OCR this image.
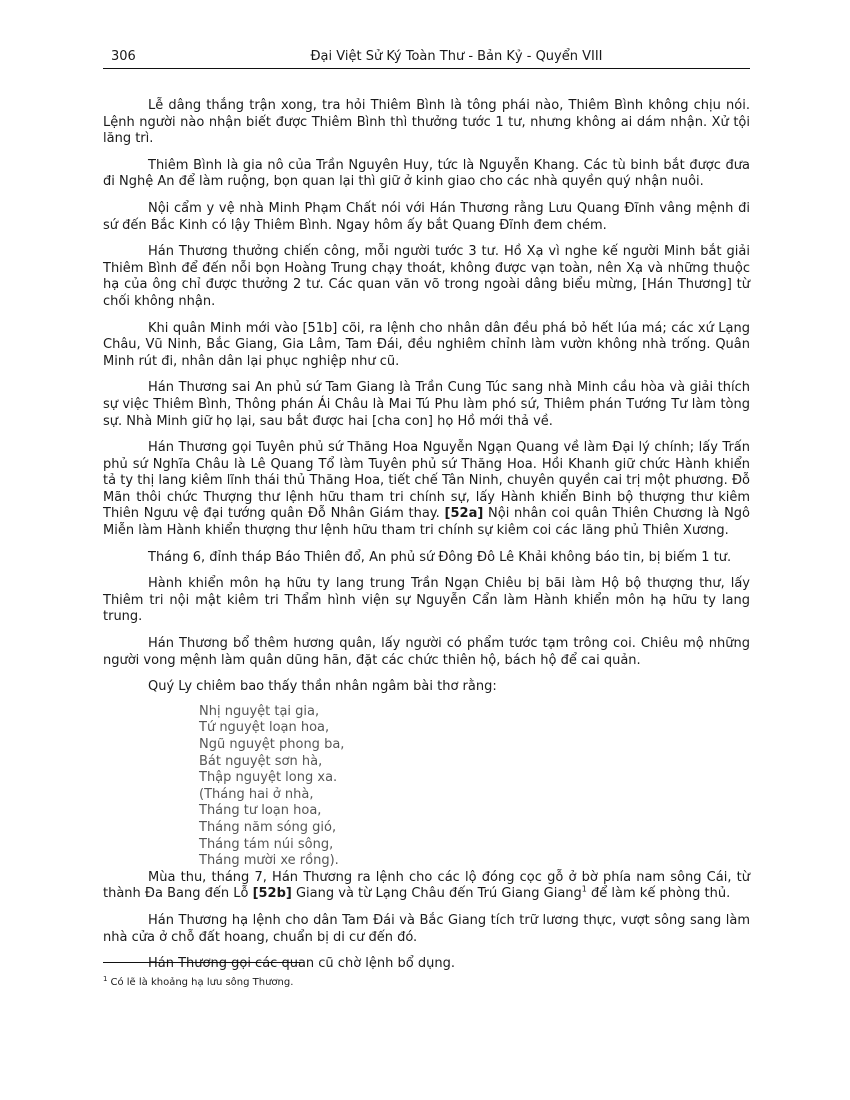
306	Đại Việt Sử Ký Toàn Thư - Bản Kỷ - Quyển VIII

Lễ dâng thắng trận xong, tra hỏi Thiêm Bình là tông phái nào, Thiêm Bình không chịu nói. Lệnh người nào nhận biết được Thiêm Bình thì thưởng tước 1 tư, nhưng không ai dám nhận. Xử tội lăng trì.

Thiêm Bình là gia nô của Trần Nguyên Huy, tức là Nguyễn Khang. Các tù binh bắt được đưa đi Nghệ An để làm ruộng, bọn quan lại thì giữ ở kinh giao cho các nhà quyền quý nhận nuôi.

Nội cẩm y vệ nhà Minh Phạm Chất nói với Hán Thương rằng Lưu Quang Đĩnh vâng mệnh đi sứ đến Bắc Kinh có lậy Thiêm Bình. Ngay hôm ấy bắt Quang Đĩnh đem chém.

Hán Thương thưởng chiến công, mỗi người tước 3 tư. Hồ Xạ vì nghe kế người Minh bắt giải Thiêm Bình để đến nỗi bọn Hoàng Trung chạy thoát, không được vạn toàn, nên Xạ và những thuộc hạ của ông chỉ được thưởng 2 tư. Các quan văn võ trong ngoài dâng biểu mừng, [Hán Thương] từ chối không nhận.

Khi quân Minh mới vào [51b] cõi, ra lệnh cho nhân dân đều phá bỏ hết lúa má; các xứ Lạng Châu, Vũ Ninh, Bắc Giang, Gia Lâm, Tam Đái, đều nghiêm chỉnh làm vườn không nhà trống. Quân Minh rút đi, nhân dân lại phục nghiệp như cũ.

Hán Thương sai An phủ sứ Tam Giang là Trần Cung Túc sang nhà Minh cầu hòa và giải thích sự việc Thiêm Bình, Thông phán Ái Châu là Mai Tú Phu làm phó sứ, Thiêm phán Tướng Tư làm tòng sự. Nhà Minh giữ họ lại, sau bắt được hai [cha con] họ Hồ mới thả về.

Hán Thương gọi Tuyên phủ sứ Thăng Hoa Nguyễn Ngạn Quang về làm Đại lý chính; lấy Trấn phủ sứ Nghĩa Châu là Lê Quang Tổ làm Tuyên phủ sứ Thăng Hoa. Hồi Khanh giữ chức Hành khiển tả ty thị lang kiêm lĩnh thái thủ Thăng Hoa, tiết chế Tân Ninh, chuyên quyền cai trị một phương. Đỗ Mãn thôi chức Thượng thư lệnh hữu tham tri chính sự, lấy Hành khiển Binh bộ thượng thư kiêm Thiên Ngưu vệ đại tướng quân Đỗ Nhân Giám thay. [52a] Nội nhân coi quân Thiên Chương là Ngô Miễn làm Hành khiển thượng thư lệnh hữu tham tri chính sự kiêm coi các lăng phủ Thiên Xương.

Tháng 6, đỉnh tháp Báo Thiên đổ, An phủ sứ Đông Đô Lê Khải không báo tin, bị biếm 1 tư.

Hành khiển môn hạ hữu ty lang trung Trần Ngạn Chiêu bị bãi làm Hộ bộ thượng thư, lấy Thiêm tri nội mật kiêm tri Thẩm hình viện sự Nguyễn Cẩn làm Hành khiển môn hạ hữu ty lang trung.

Hán Thương bổ thêm hương quân, lấy người có phẩm tước tạm trông coi. Chiêu mộ những người vong mệnh làm quân dũng hãn, đặt các chức thiên hộ, bách hộ để cai quản.

Quý Ly chiêm bao thấy thần nhân ngâm bài thơ rằng:

Nhị nguyệt tại gia,
Tứ nguyệt loạn hoa,
Ngũ nguyệt phong ba,
Bát nguyệt sơn hà,
Thập nguyệt long xa.
(Tháng hai ở nhà,
Tháng tư loạn hoa,
Tháng năm sóng gió,
Tháng tám núi sông,
Tháng mười xe rồng).

Mùa thu, tháng 7, Hán Thương ra lệnh cho các lộ đóng cọc gỗ ở bờ phía nam sông Cái, từ thành Đa Bang đến Lỗ [52b] Giang và từ Lạng Châu đến Trú Giang Giang$^1$ để làm kế phòng thủ.

Hán Thương hạ lệnh cho dân Tam Đái và Bắc Giang tích trữ lương thực, vượt sông sang làm nhà cửa ở chỗ đất hoang, chuẩn bị di cư đến đó.

Hán Thương gọi các quan cũ chờ lệnh bổ dụng.

$^1$ Có lẽ là khoảng hạ lưu sông Thương.
